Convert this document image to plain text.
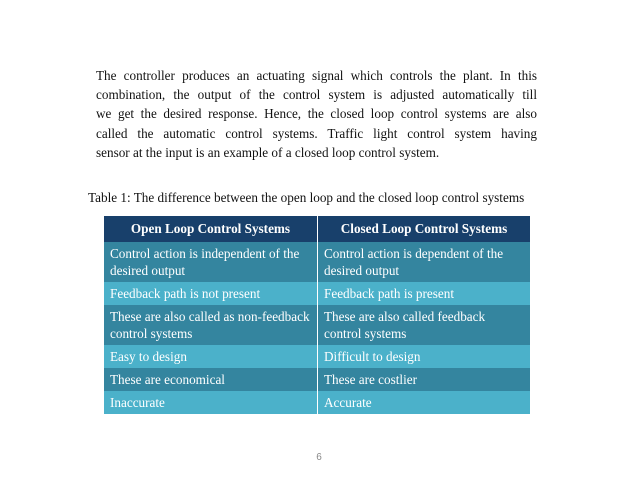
The controller produces an actuating signal which controls the plant. In this
combination, the output of the control system is adjusted automatically till
we get the desired response. Hence, the closed loop control systems are also
called the automatic control systems. Traffic light control system having
sensor at the input is an example of a closed loop control system.
Table 1: The difference between the open loop and the closed loop control systems
Open Loop Control Systems	Closed Loop Control Systems
Control action is independent of the desired output	Control action is dependent of the desired output
Feedback path is not present	Feedback path is present
These are also called as non-feedback control systems	These are also called feedback control systems
Easy to design	Difficult to design
These are economical	These are costlier
Inaccurate	Accurate
6
